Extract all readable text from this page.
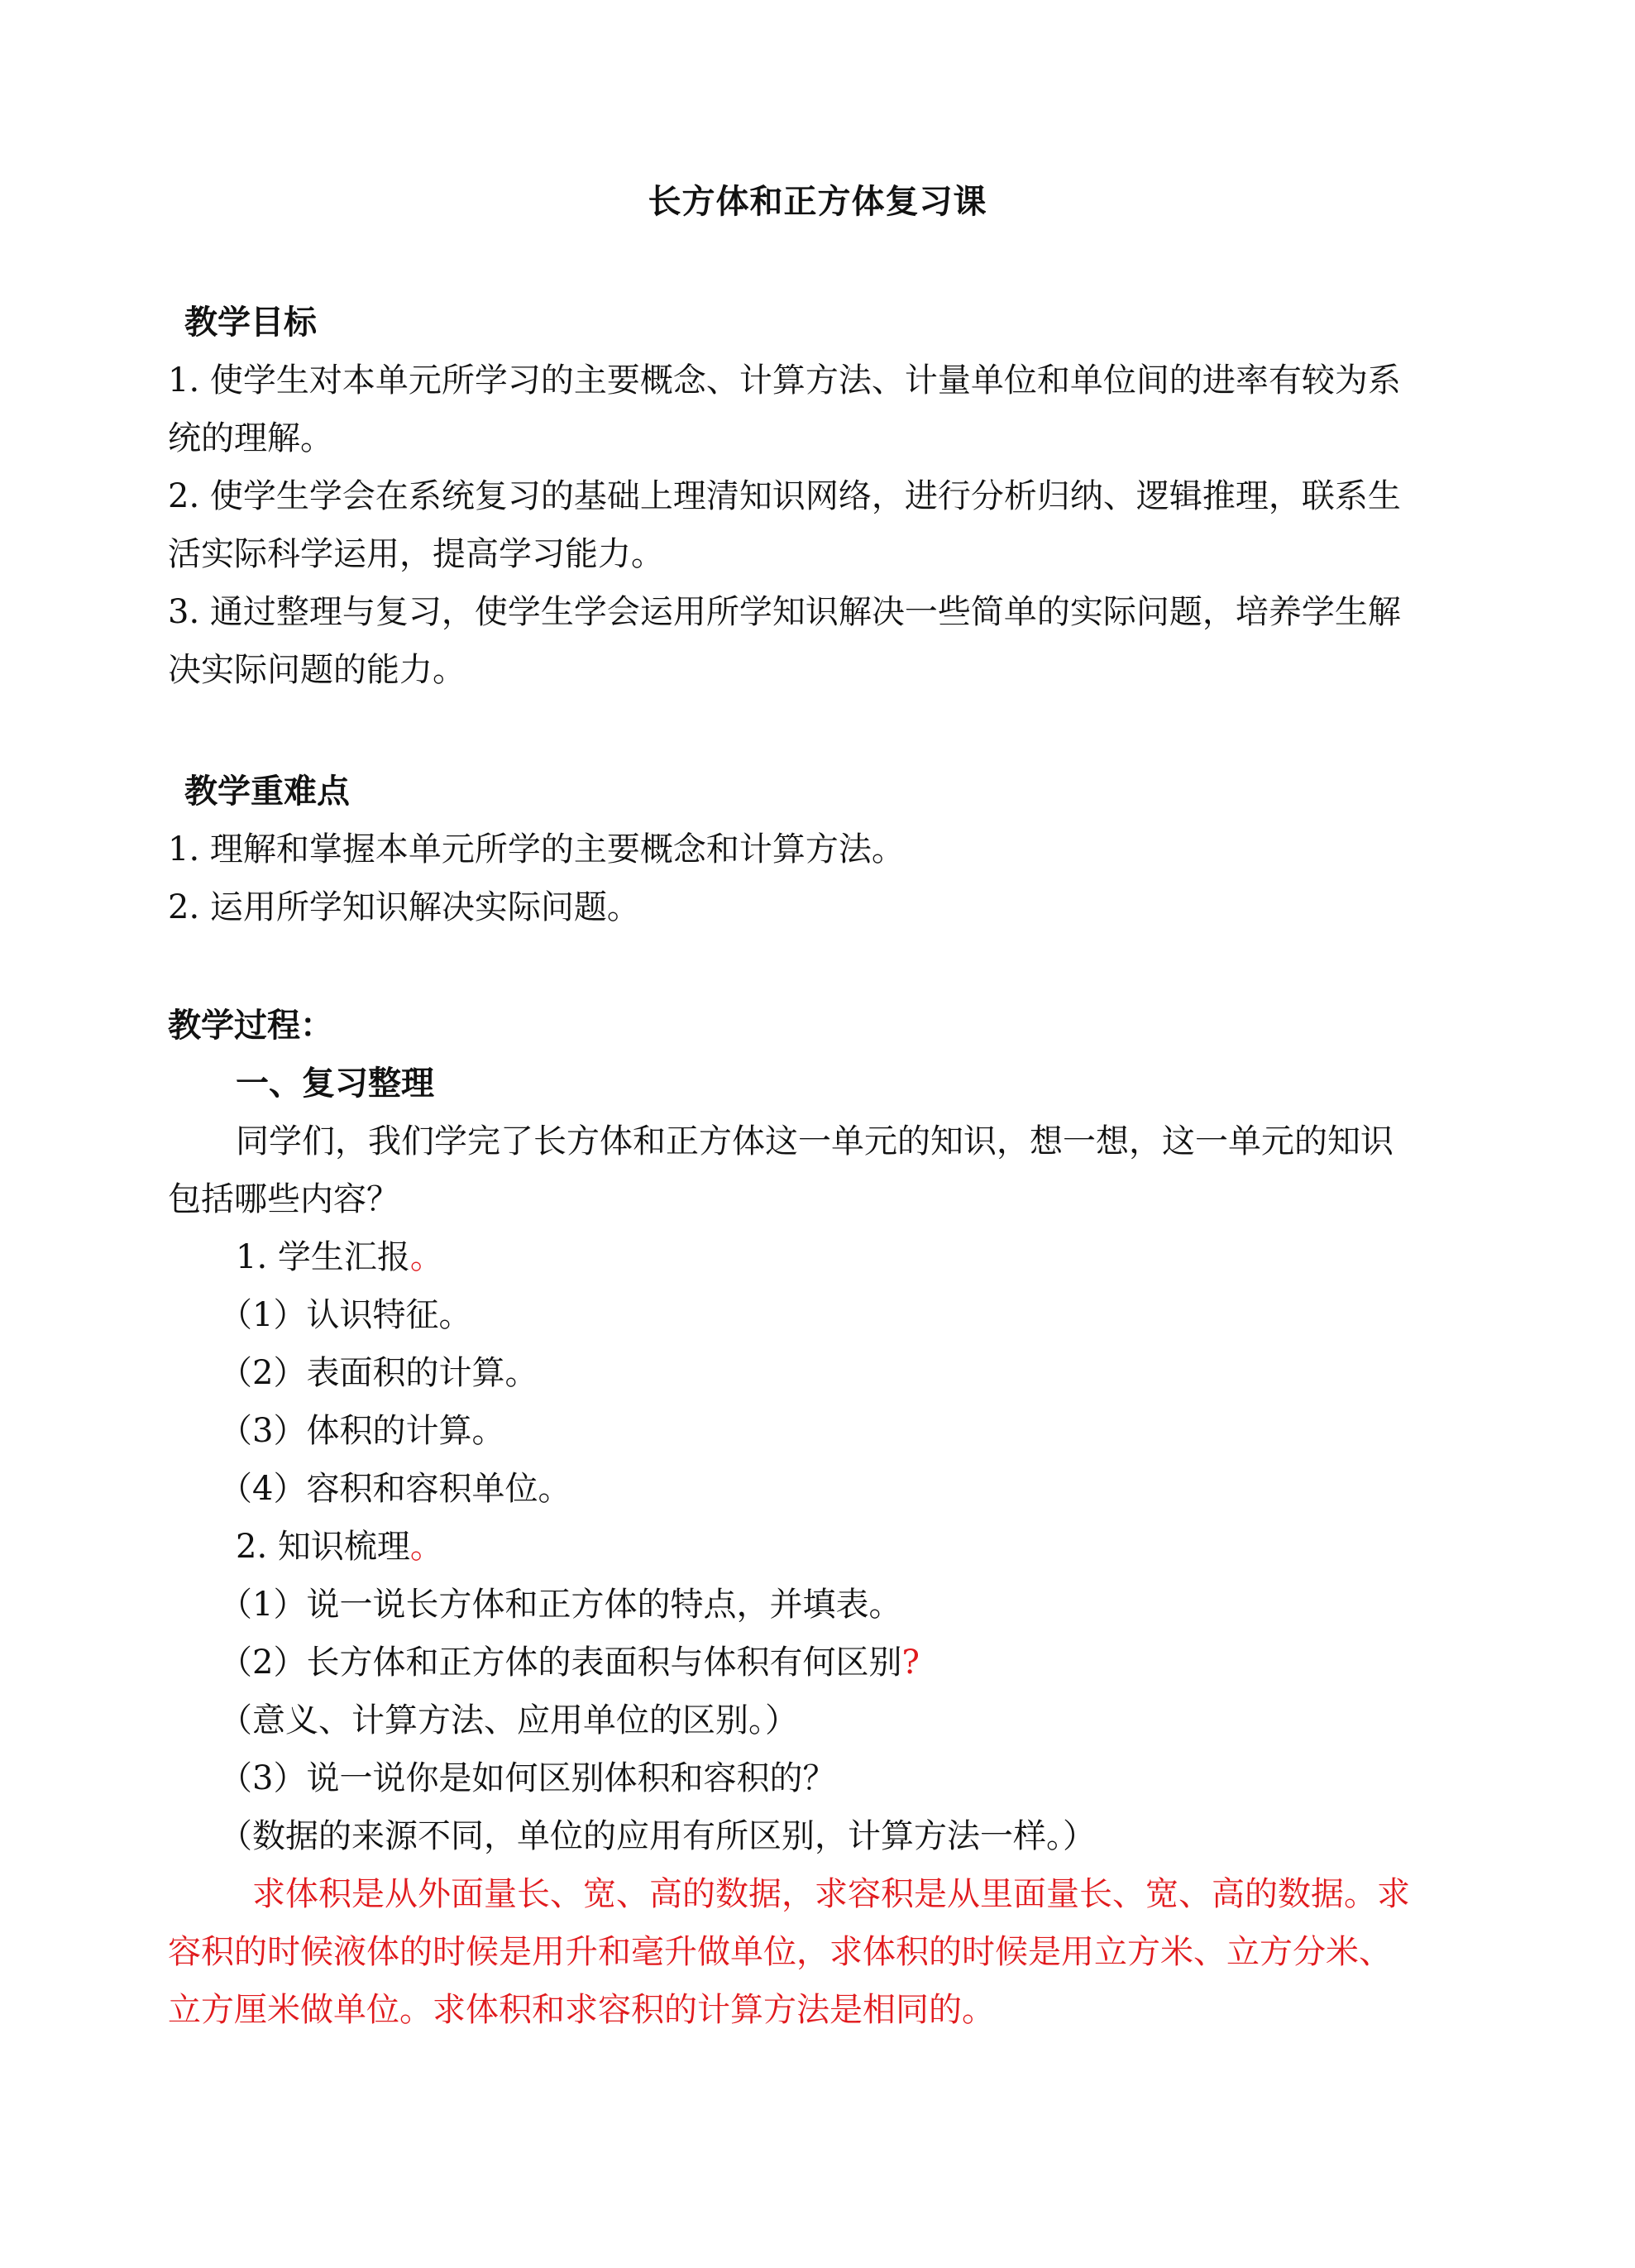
长方体和正方体复习课
教学目标
1. 使学生对本单元所学习的主要概念、计算方法、计量单位和单位间的进率有较为系
统的理解。
2. 使学生学会在系统复习的基础上理清知识网络，进行分析归纳、逻辑推理，联系生
活实际科学运用，提高学习能力。
3. 通过整理与复习，使学生学会运用所学知识解决一些简单的实际问题，培养学生解
决实际问题的能力。
教学重难点
1. 理解和掌握本单元所学的主要概念和计算方法。
2. 运用所学知识解决实际问题。
教学过程：
一、复习整理
同学们，我们学完了长方体和正方体这一单元的知识，想一想，这一单元的知识
包括哪些内容？
1. 学生汇报。
（1）认识特征。
（2）表面积的计算。
（3）体积的计算。
（4）容积和容积单位。
2. 知识梳理。
（1）说一说长方体和正方体的特点，并填表。
（2）长方体和正方体的表面积与体积有何区别?
（意义、计算方法、应用单位的区别。）
（3）说一说你是如何区别体积和容积的？
（数据的来源不同，单位的应用有所区别，计算方法一样。）
求体积是从外面量长、宽、高的数据，求容积是从里面量长、宽、高的数据。求
容积的时候液体的时候是用升和毫升做单位，求体积的时候是用立方米、立方分米、
立方厘米做单位。求体积和求容积的计算方法是相同的。
